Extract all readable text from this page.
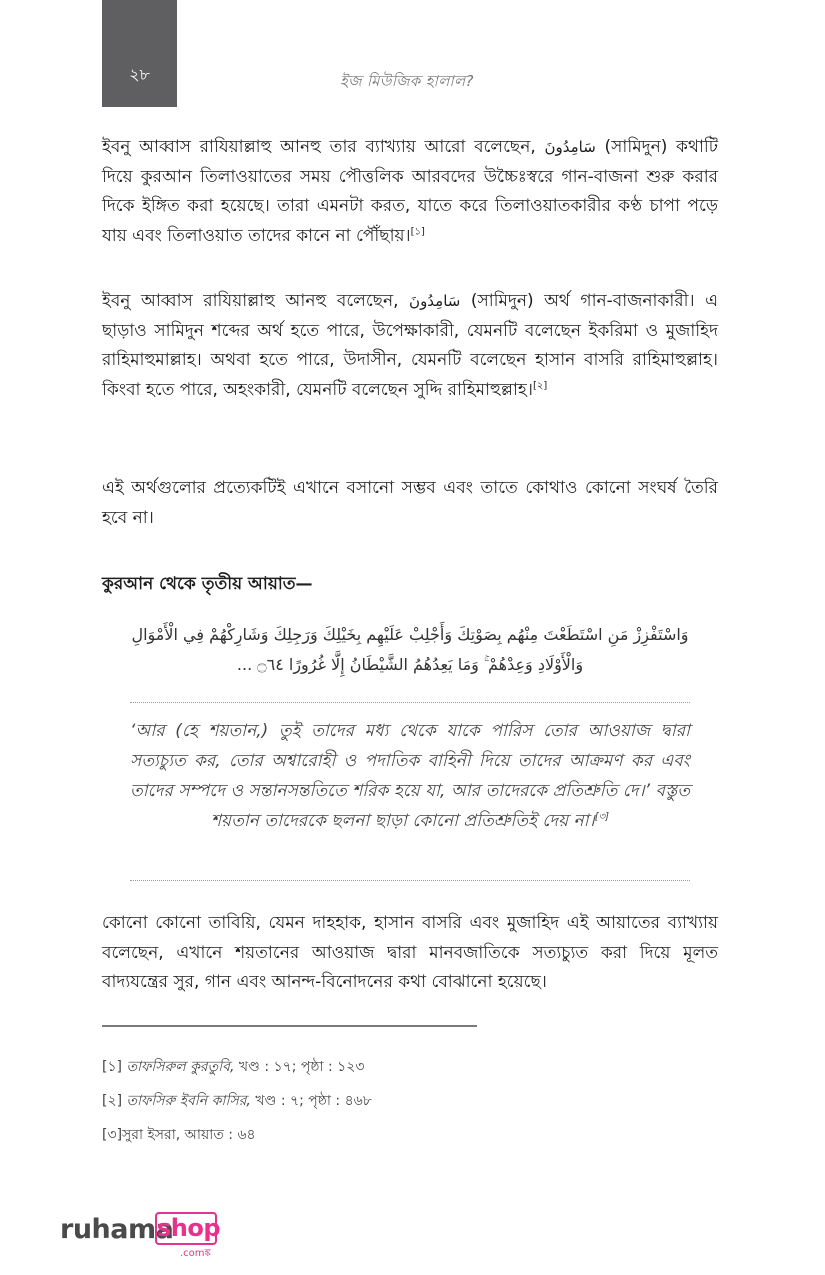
২৮	ইজ মিউজিক হালাল?

ইবনু আব্বাস রাযিয়াল্লাহু আনহু তার ব্যাখ্যায় আরো বলেছেন, سَامِدُونَ (সামিদুন) কথাটি দিয়ে কুরআন তিলাওয়াতের সময় পৌত্তলিক আরবদের উচ্চৈঃস্বরে গান-বাজনা শুরু করার দিকে ইঙ্গিত করা হয়েছে। তারা এমনটা করত, যাতে করে তিলাওয়াতকারীর কণ্ঠ চাপা পড়ে যায় এবং তিলাওয়াত তাদের কানে না পৌঁছায়।[১]

ইবনু আব্বাস রাযিয়াল্লাহু আনহু বলেছেন, سَامِدُونَ (সামিদুন) অর্থ গান-বাজনাকারী। এ ছাড়াও সামিদুন শব্দের অর্থ হতে পারে, উপেক্ষাকারী, যেমনটি বলেছেন ইকরিমা ও মুজাহিদ রাহিমাহুমাল্লাহ। অথবা হতে পারে, উদাসীন, যেমনটি বলেছেন হাসান বাসরি রাহিমাহুল্লাহ। কিংবা হতে পারে, অহংকারী, যেমনটি বলেছেন সুদ্দি রাহিমাহুল্লাহ।[২]

এই অর্থগুলোর প্রত্যেকটিই এখানে বসানো সম্ভব এবং তাতে কোথাও কোনো সংঘর্ষ তৈরি হবে না।

কুরআন থেকে তৃতীয় আয়াত—
وَاسْتَفْزِزْ مَنِ اسْتَطَعْتَ مِنْهُم بِصَوْتِكَ وَأَجْلِبْ عَلَيْهِم بِخَيْلِكَ وَرَجِلِكَ وَشَارِكْهُمْ فِي الْأَمْوَالِ وَالْأَوْلَادِ وَعِدْهُمْ ۚ وَمَا يَعِدُهُمُ الشَّيْطَانُ إِلَّا غُرُورًا ۝٦٤ ...

‘আর (হে শয়তান,) তুই তাদের মধ্য থেকে যাকে পারিস তোর আওয়াজ দ্বারা সত্যচ্যুত কর, তোর অশ্বারোহী ও পদাতিক বাহিনী দিয়ে তাদের আক্রমণ কর এবং তাদের সম্পদে ও সন্তানসন্ততিতে শরিক হয়ে যা, আর তাদেরকে প্রতিশ্রুতি দে।’ বস্তুত শয়তান তাদেরকে ছলনা ছাড়া কোনো প্রতিশ্রুতিই দেয় না।[৩]

কোনো কোনো তাবিয়ি, যেমন দাহহাক, হাসান বাসরি এবং মুজাহিদ এই আয়াতের ব্যাখ্যায় বলেছেন, এখানে শয়তানের আওয়াজ দ্বারা মানবজাতিকে সত্যচ্যুত করা দিয়ে মূলত বাদ্যযন্ত্রের সুর, গান এবং আনন্দ-বিনোদনের কথা বোঝানো হয়েছে।

[১] তাফসিরুল কুরতুবি, খণ্ড : ১৭; পৃষ্ঠা : ১২৩
[২] তাফসিরু ইবনি কাসির, খণ্ড : ৭; পৃষ্ঠা : ৪৬৮
[৩]সুরা ইসরা, আয়াত : ৬৪
ruhama
shop
.comঙ্ক
